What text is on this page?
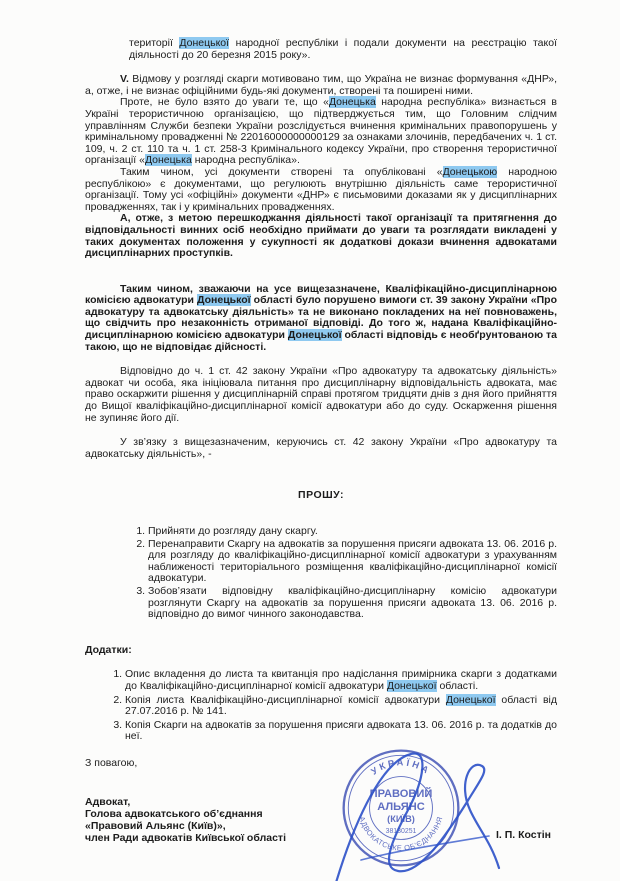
території Донецької народної республіки і подали документи на реєстрацію такої діяльності до 20 березня 2015 року».

V. Відмову у розгляді скарги мотивовано тим, що Україна не визнає формування «ДНР», а, отже, і не визнає офіційними будь-які документи, створені та поширені ними.

Проте, не було взято до уваги те, що «Донецька народна республіка» визнається в Україні терористичною організацією, що підтверджується тим, що Головним слідчим управлінням Служби безпеки України розслідується вчинення кримінальних правопорушень у кримінальному провадженні № 22016000000000129 за ознаками злочинів, передбачених ч. 1 ст. 109, ч. 2 ст. 110 та ч. 1 ст. 258-3 Кримінального кодексу України, про створення терористичної організації «Донецька народна республіка».

Таким чином, усі документи створені та опубліковані «Донецькою народною республікою» є документами, що регулюють внутрішню діяльність саме терористичної організації. Тому усі «офіційні» документи «ДНР» є письмовими доказами як у дисциплінарних провадженнях, так і у кримінальних провадженнях.

А, отже, з метою перешкоджання діяльності такої організації та притягнення до відповідальності винних осіб необхідно приймати до уваги та розглядати викладені у таких документах положення у сукупності як додаткові докази вчинення адвокатами дисциплінарних проступків.

Таким чином, зважаючи на усе вищезазначене, Кваліфікаційно-дисциплінарною комісією адвокатури Донецької області було порушено вимоги ст. 39 закону України «Про адвокатуру та адвокатську діяльність» та не виконано покладених на неї повноважень, що свідчить про незаконність отриманої відповіді. До того ж, надана Кваліфікаційно-дисциплінарною комісією адвокатури Донецької області відповідь є необґрунтованою та такою, що не відповідає дійсності.

Відповідно до ч. 1 ст. 42 закону України «Про адвокатуру та адвокатську діяльність» адвокат чи особа, яка ініціювала питання про дисциплінарну відповідальність адвоката, має право оскаржити рішення у дисциплінарній справі протягом тридцяти днів з дня його прийняття до Вищої кваліфікаційно-дисциплінарної комісії адвокатури або до суду. Оскарження рішення не зупиняє його дії.

У зв’язку з вищезазначеним, керуючись ст. 42 закону України «Про адвокатуру та адвокатську діяльність», -

ПРОШУ:

1. Прийняти до розгляду дану скаргу.
2. Перенаправити Скаргу на адвокатів за порушення присяги адвоката 13. 06. 2016 р. для розгляду до кваліфікаційно-дисциплінарної комісії адвокатури з урахуванням наближеності територіального розміщення кваліфікаційно-дисциплінарної комісії адвокатури.
3. Зобов’язати відповідну кваліфікаційно-дисциплінарну комісію адвокатури розглянути Скаргу на адвокатів за порушення присяги адвоката 13. 06. 2016 р. відповідно до вимог чинного законодавства.

Додатки:

1. Опис вкладення до листа та квитанція про надіслання примірника скарги з додатками до Кваліфікаційно-дисциплінарної комісії адвокатури Донецької області.
2. Копія листа Кваліфікаційно-дисциплінарної комісії адвокатури Донецької області від 27.07.2016 р. № 141.
3. Копія Скарги на адвокатів за порушення присяги адвоката 13. 06. 2016 р. та додатків до неї.

З повагою,

Адвокат,
Голова адвокатського об’єднання
«Правовий Альянс (Київ)»,
член Ради адвокатів Київської області	І. П. Костін
УКРАЇНА
АДВОКАТСЬКЕ ОБ’ЄДНАННЯ
ПРАВОВИЙ
АЛЬЯНС
(КИЇВ)
38130251
